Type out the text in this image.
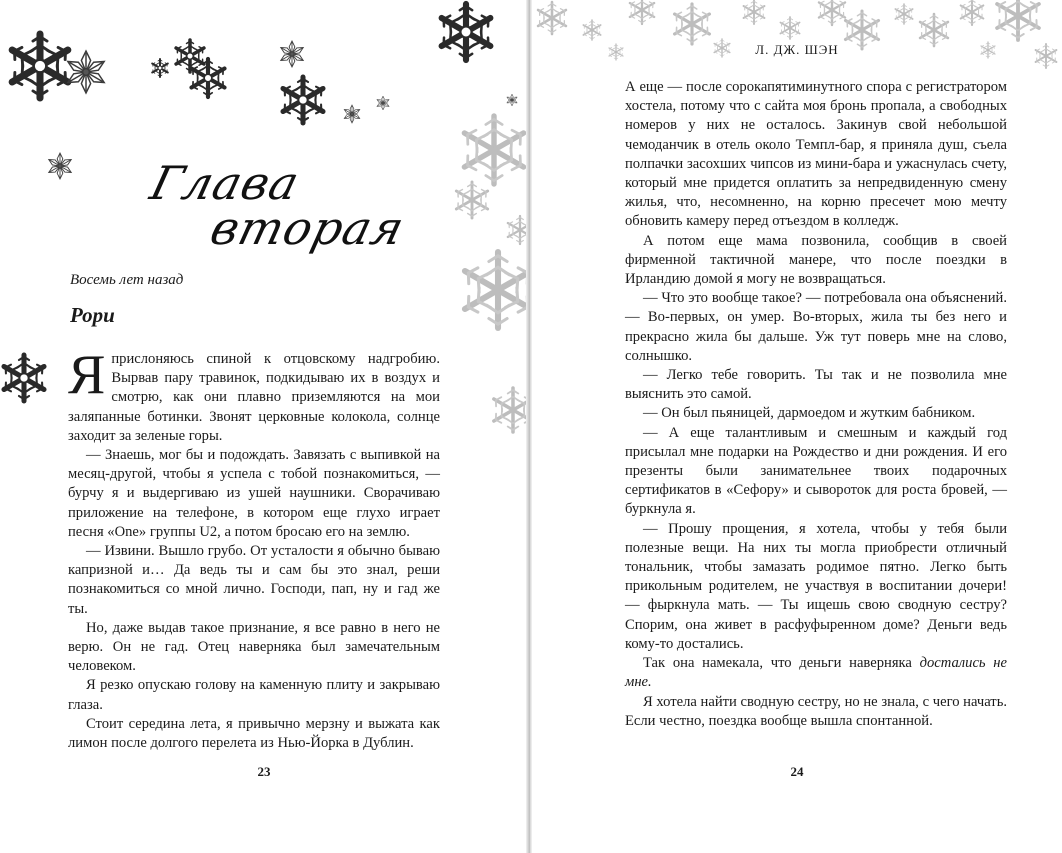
Глава
вторая
Восемь лет назад
Рори

Яприслоняюсь спиной к отцовскому надгробию. Вырвав пару травинок, подкидываю их в воздух и смотрю, как они плавно приземляются на мои заляпанные ботинки. Звонят церковные колокола, солнце заходит за зеленые горы.

— Знаешь, мог бы и подождать. Завязать с выпивкой на месяц-другой, чтобы я успела с тобой познакомиться, — бурчу я и выдергиваю из ушей наушники. Сворачиваю приложение на телефоне, в котором еще глухо играет песня «One» группы U2, а потом бросаю его на землю.

— Извини. Вышло грубо. От усталости я обычно бываю капризной и… Да ведь ты и сам бы это знал, реши познакомиться со мной лично. Господи, пап, ну и гад же ты.

Но, даже выдав такое признание, я все равно в него не верю. Он не гад. Отец наверняка был замечательным человеком.

Я резко опускаю голову на каменную плиту и закрываю глаза.

Стоит середина лета, я привычно мерзну и выжата как лимон после долгого перелета из Нью-Йорка в Дублин.

23
Л. ДЖ. ШЭН

А еще — после сорокапятиминутного спора с регистратором хостела, потому что с сайта моя бронь пропала, а свободных номеров у них не осталось. Закинув свой небольшой чемоданчик в отель около Темпл-бар, я приняла душ, съела полпачки засохших чипсов из мини-бара и ужаснулась счету, который мне придется оплатить за непредвиденную смену жилья, что, несомненно, на корню пресечет мою мечту обновить камеру перед отъездом в колледж.

А потом еще мама позвонила, сообщив в своей фирменной тактичной манере, что после поездки в Ирландию домой я могу не возвращаться.

— Что это вообще такое? — потребовала она объяснений. — Во-первых, он умер. Во-вторых, жила ты без него и прекрасно жила бы дальше. Уж тут поверь мне на слово, солнышко.

— Легко тебе говорить. Ты так и не позволила мне выяснить это самой.

— Он был пьяницей, дармоедом и жутким бабником.

— А еще талантливым и смешным и каждый год присылал мне подарки на Рождество и дни рождения. И его презенты были занимательнее твоих подарочных сертификатов в «Сефору» и сывороток для роста бровей, — буркнула я.

— Прошу прощения, я хотела, чтобы у тебя были полезные вещи. На них ты могла приобрести отличный тональник, чтобы замазать родимое пятно. Легко быть прикольным родителем, не участвуя в воспитании дочери! — фыркнула мать. — Ты ищешь свою сводную сестру? Спорим, она живет в расфуфыренном доме? Деньги ведь кому-то достались.

Так она намекала, что деньги наверняка достались не мне.

Я хотела найти сводную сестру, но не знала, с чего начать. Если честно, поездка вообще вышла спонтанной.

24
